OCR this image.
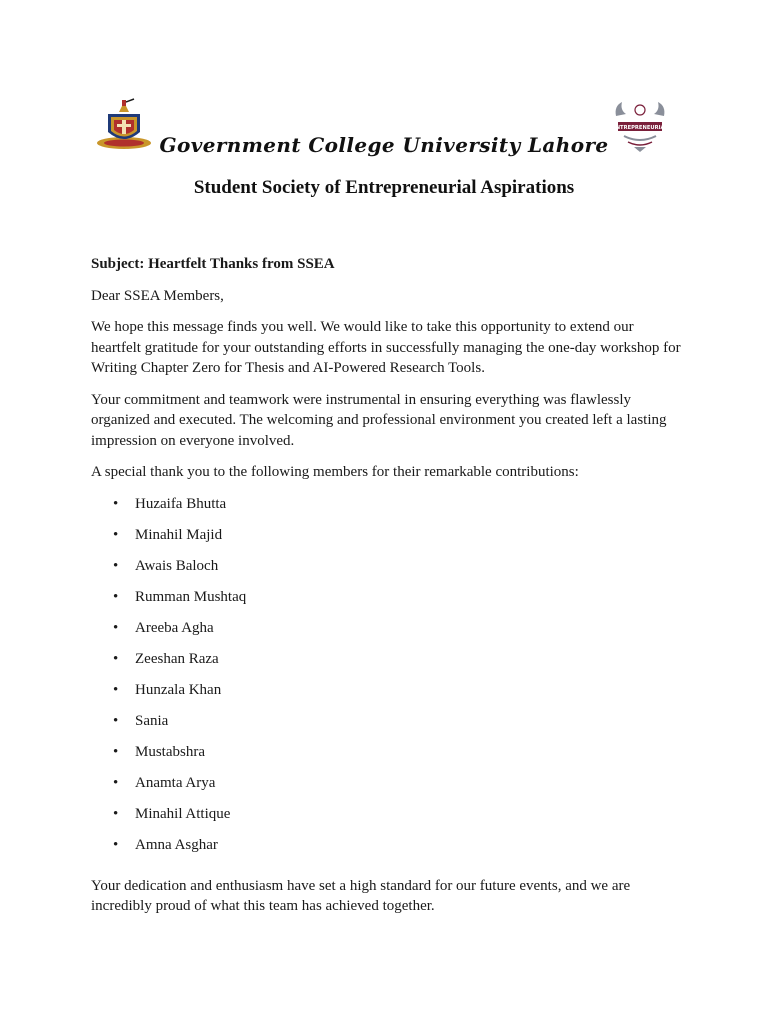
ENTREPRENEURIAL
Government College University Lahore
Student Society of Entrepreneurial Aspirations
Subject: Heartfelt Thanks from SSEA

Dear SSEA Members,

We hope this message finds you well. We would like to take this opportunity to extend our heartfelt gratitude for your outstanding efforts in successfully managing the one-day workshop for Writing Chapter Zero for Thesis and AI-Powered Research Tools.

Your commitment and teamwork were instrumental in ensuring everything was flawlessly organized and executed. The welcoming and professional environment you created left a lasting impression on everyone involved.

A special thank you to the following members for their remarkable contributions:

• Huzaifa Bhutta
• Minahil Majid
• Awais Baloch
• Rumman Mushtaq
• Areeba Agha
• Zeeshan Raza
• Hunzala Khan
• Sania
• Mustabshra
• Anamta Arya
• Minahil Attique
• Amna Asghar

Your dedication and enthusiasm have set a high standard for our future events, and we are incredibly proud of what this team has achieved together.
